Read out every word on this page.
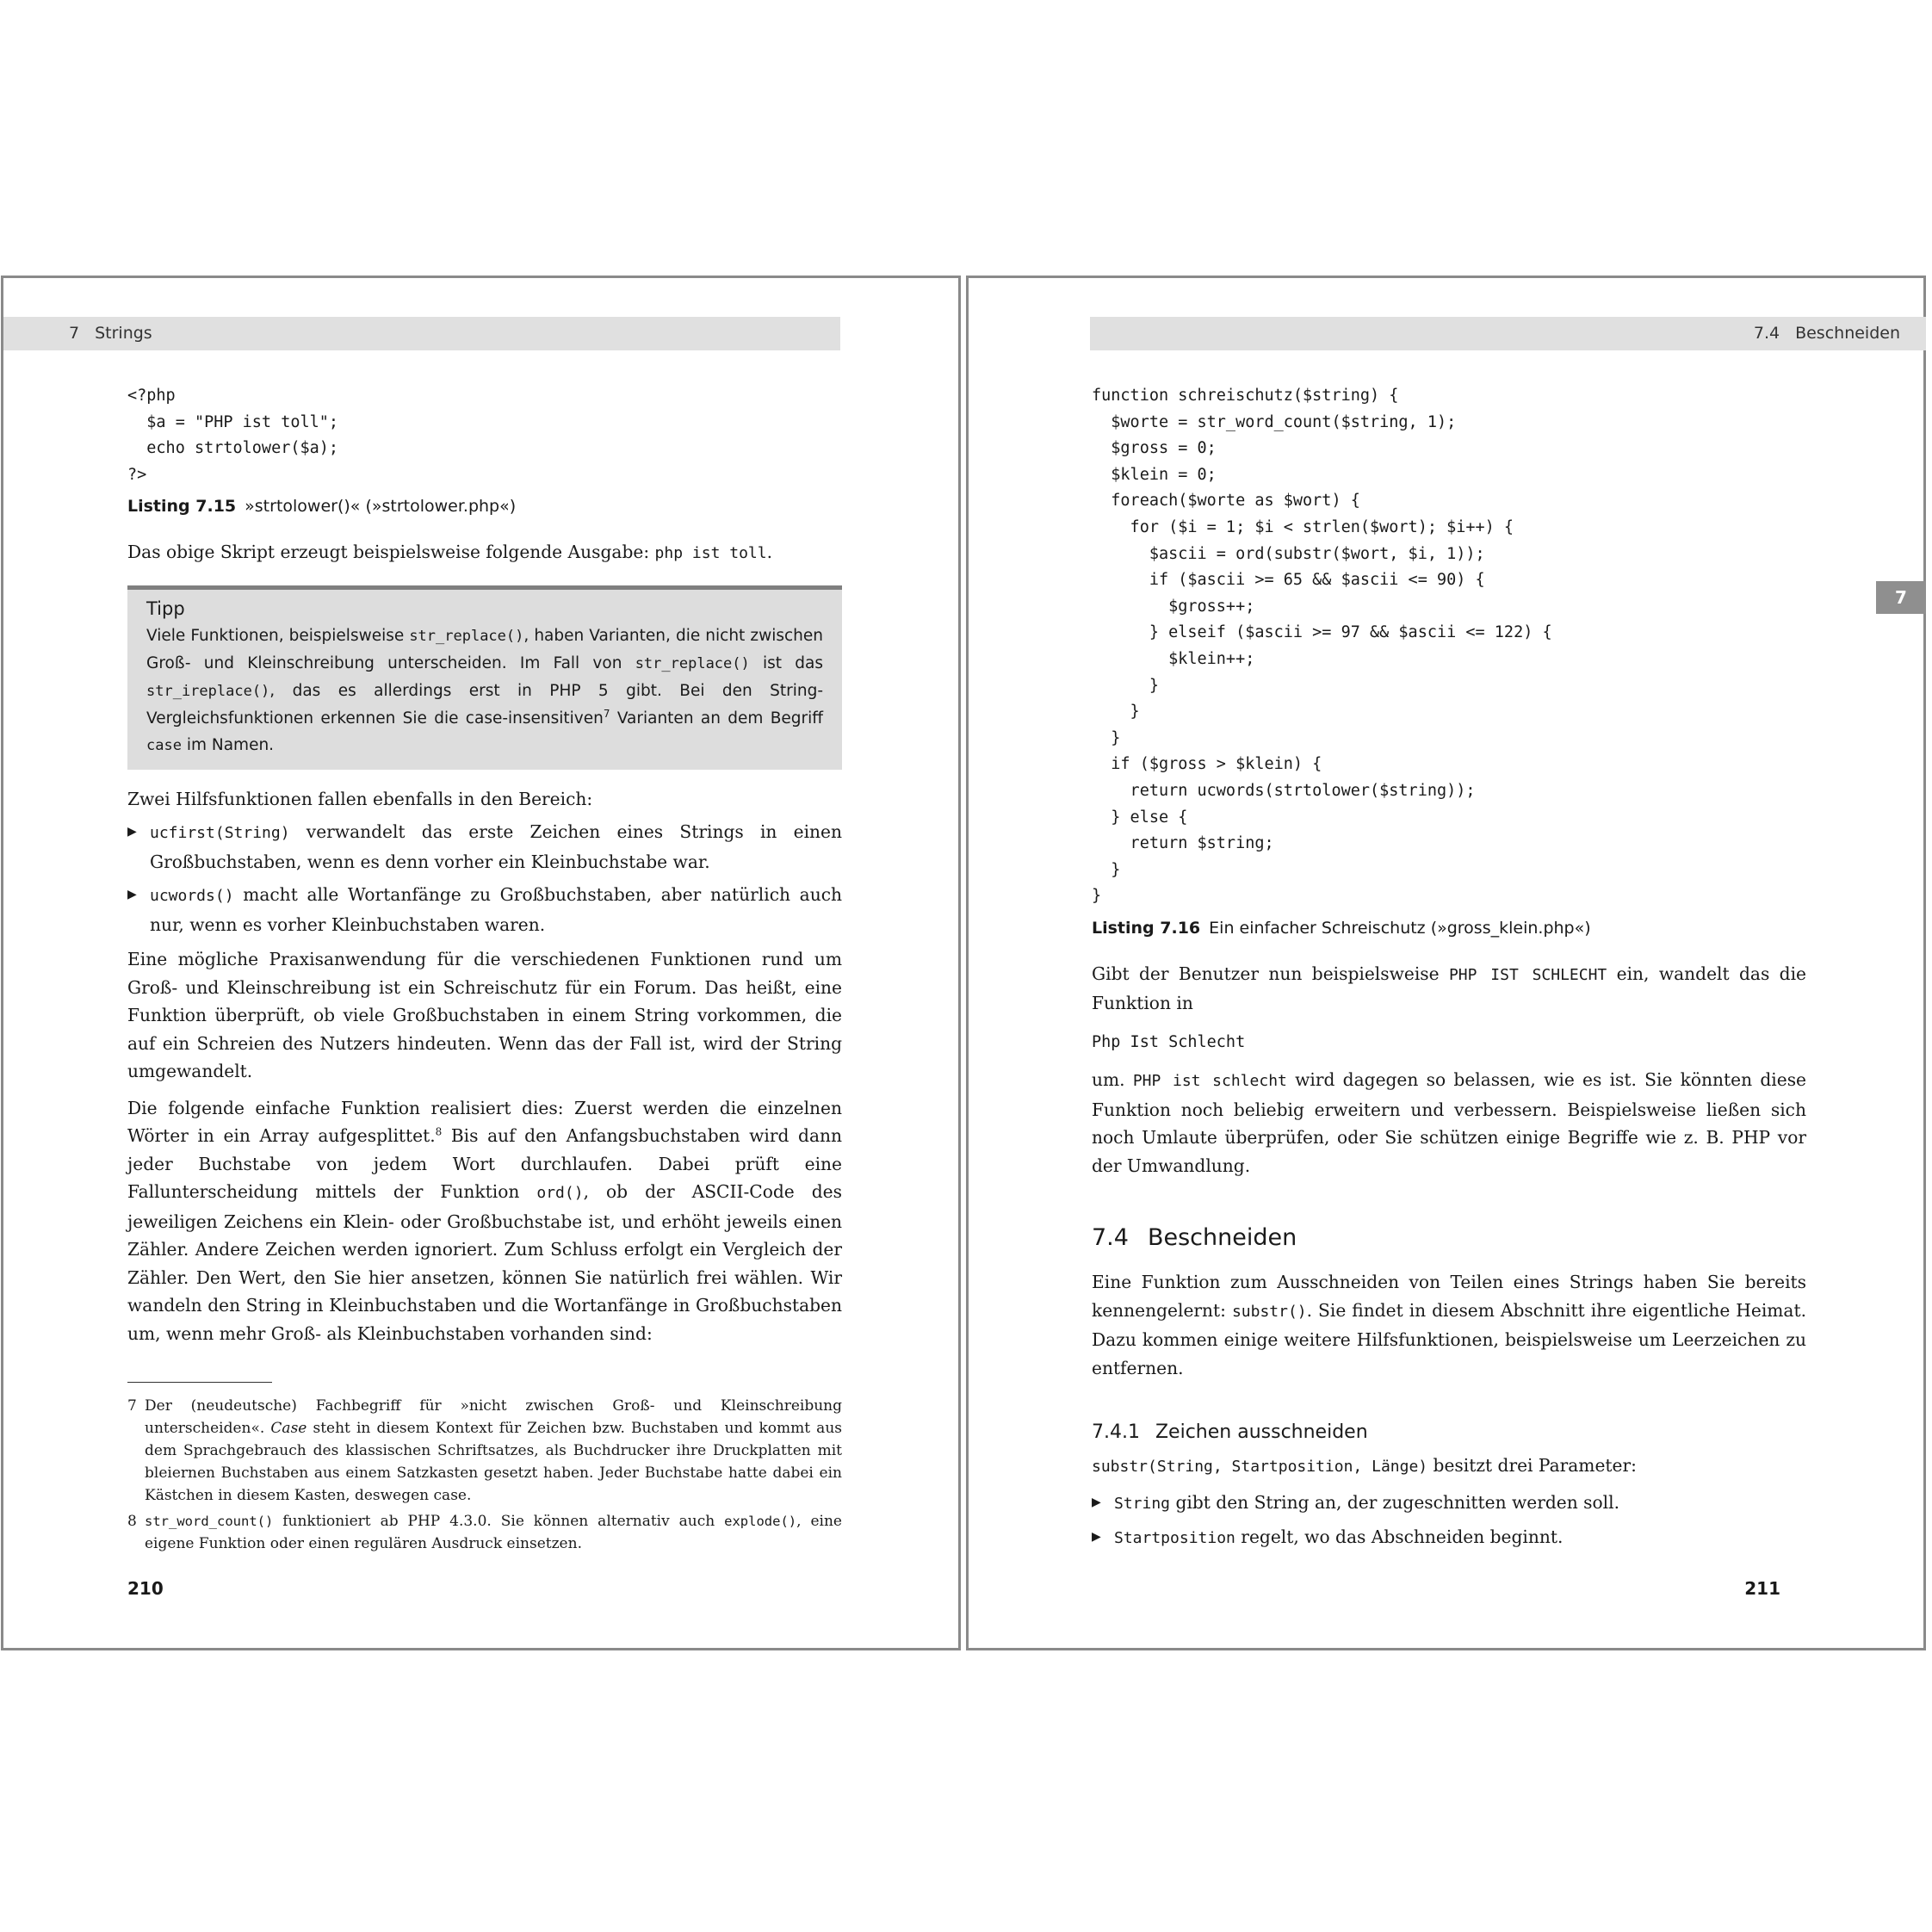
7 Strings
<?php
$a = "PHP ist toll";
echo strtolower($a);
?>
Listing 7.15 »strtolower()« (»strtolower.php«)

Das obige Skript erzeugt beispielsweise folgende Ausgabe: php ist toll.

Tipp
Viele Funktionen, beispielsweise str_replace(), haben Varianten, die nicht zwischen Groß- und Kleinschreibung unterscheiden. Im Fall von str_replace() ist das str_ireplace(), das es allerdings erst in PHP 5 gibt. Bei den String-Vergleichsfunktionen erkennen Sie die case-insensitiven$^7$ Varianten an dem Begriff case im Namen.

Zwei Hilfsfunktionen fallen ebenfalls in den Bereich:

▶ ucfirst(String) verwandelt das erste Zeichen eines Strings in einen Großbuchstaben, wenn es denn vorher ein Kleinbuchstabe war.
▶ ucwords() macht alle Wortanfänge zu Großbuchstaben, aber natürlich auch nur, wenn es vorher Kleinbuchstaben waren.

Eine mögliche Praxisanwendung für die verschiedenen Funktionen rund um Groß- und Kleinschreibung ist ein Schreischutz für ein Forum. Das heißt, eine Funktion überprüft, ob viele Großbuchstaben in einem String vorkommen, die auf ein Schreien des Nutzers hindeuten. Wenn das der Fall ist, wird der String umgewandelt.

Die folgende einfache Funktion realisiert dies: Zuerst werden die einzelnen Wörter in ein Array aufgesplittet.$^8$ Bis auf den Anfangsbuchstaben wird dann jeder Buchstabe von jedem Wort durchlaufen. Dabei prüft eine Fallunterscheidung mittels der Funktion ord(), ob der ASCII-Code des jeweiligen Zeichens ein Klein- oder Großbuchstabe ist, und erhöht jeweils einen Zähler. Andere Zeichen werden ignoriert. Zum Schluss erfolgt ein Vergleich der Zähler. Den Wert, den Sie hier ansetzen, können Sie natürlich frei wählen. Wir wandeln den String in Kleinbuchstaben und die Wortanfänge in Großbuchstaben um, wenn mehr Groß- als Kleinbuchstaben vorhanden sind:

7 Der (neudeutsche) Fachbegriff für »nicht zwischen Groß- und Kleinschreibung unterscheiden«. Case steht in diesem Kontext für Zeichen bzw. Buchstaben und kommt aus dem Sprachgebrauch des klassischen Schriftsatzes, als Buchdrucker ihre Druckplatten mit bleiernen Buchstaben aus einem Satzkasten gesetzt haben. Jeder Buchstabe hatte dabei ein Kästchen in diesem Kasten, deswegen case.

8 str_word_count() funktioniert ab PHP 4.3.0. Sie können alternativ auch explode(), eine eigene Funktion oder einen regulären Ausdruck einsetzen.

210
7.4 Beschneiden
7
function schreischutz($string) {
$worte = str_word_count($string, 1);
$gross = 0;
$klein = 0;
foreach($worte as $wort) {
for ($i = 1; $i < strlen($wort); $i++) {
$ascii = ord(substr($wort, $i, 1));
if ($ascii >= 65 && $ascii <= 90) {
$gross++;
} elseif ($ascii >= 97 && $ascii <= 122) {
$klein++;
}
}
}
if ($gross > $klein) {
return ucwords(strtolower($string));
} else {
return $string;
}
}
Listing 7.16 Ein einfacher Schreischutz (»gross_klein.php«)

Gibt der Benutzer nun beispielsweise PHP IST SCHLECHT ein, wandelt das die Funktion in

Php Ist Schlecht

um. PHP ist schlecht wird dagegen so belassen, wie es ist. Sie könnten diese Funktion noch beliebig erweitern und verbessern. Beispielsweise ließen sich noch Umlaute überprüfen, oder Sie schützen einige Begriffe wie z. B. PHP vor der Umwandlung.

7.4 Beschneiden

Eine Funktion zum Ausschneiden von Teilen eines Strings haben Sie bereits kennengelernt: substr(). Sie findet in diesem Abschnitt ihre eigentliche Heimat. Dazu kommen einige weitere Hilfsfunktionen, beispielsweise um Leerzeichen zu entfernen.

7.4.1 Zeichen ausschneiden

substr(String, Startposition, Länge) besitzt drei Parameter:

▶ String gibt den String an, der zugeschnitten werden soll.
▶ Startposition regelt, wo das Abschneiden beginnt.
211
